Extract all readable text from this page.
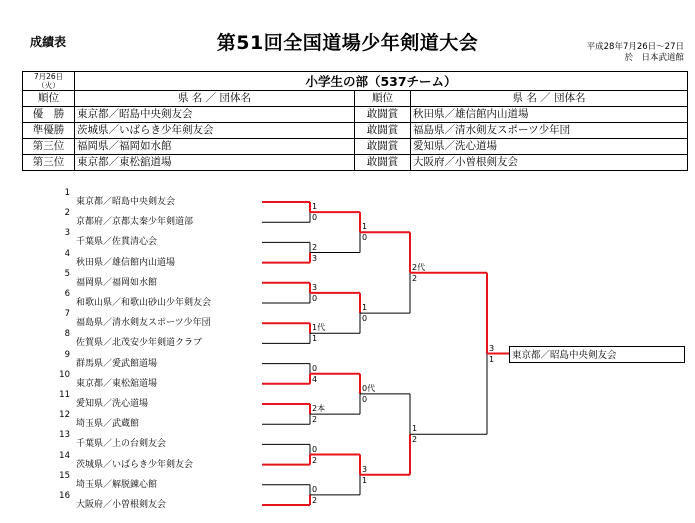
成績表	第51回全国道場少年剣道大会	平成28年7月26日～27日
於　日本武道館
7月26日
（火）	小学生の部（537チーム）		
順位	県 名 ／ 団体名	順位	県 名 ／ 団体名
優　勝	東京都／昭島中央剣友会	敢闘賞	秋田県／雄信館内山道場
準優勝	茨城県／いばらき少年剣友会	敢闘賞	福島県／清水剣友スポーツ少年団
第三位	福岡県／福岡如水館	敢闘賞	愛知県／洗心道場
第三位	東京都／東松舘道場	敢闘賞	大阪府／小曽根剣友会
1
東京都／昭島中央剣友会
2
京都府／京都太秦少年剣道部
3
千葉県／佐貫清心会
4
秋田県／雄信館内山道場
5
福岡県／福岡如水館
6
和歌山県／和歌山砂山少年剣友会
7
福島県／清水剣友スポーツ少年団
8
佐賀県／北茂安少年剣道クラブ
9
群馬県／愛武館道場
10
東京都／東松舘道場
11
愛知県／洗心道場
12
埼玉県／武蔵館
13
千葉県／上の台剣友会
14
茨城県／いばらき少年剣友会
15
埼玉県／解脱錬心館
16
大阪府／小曽根剣友会
1
0
2
3
3
0
1代
1
0
4
2本
2
0
2
0
2
1
0
1
0
0代
0
3
1
2代
2
1
2
3
1	東京都／昭島中央剣友会
